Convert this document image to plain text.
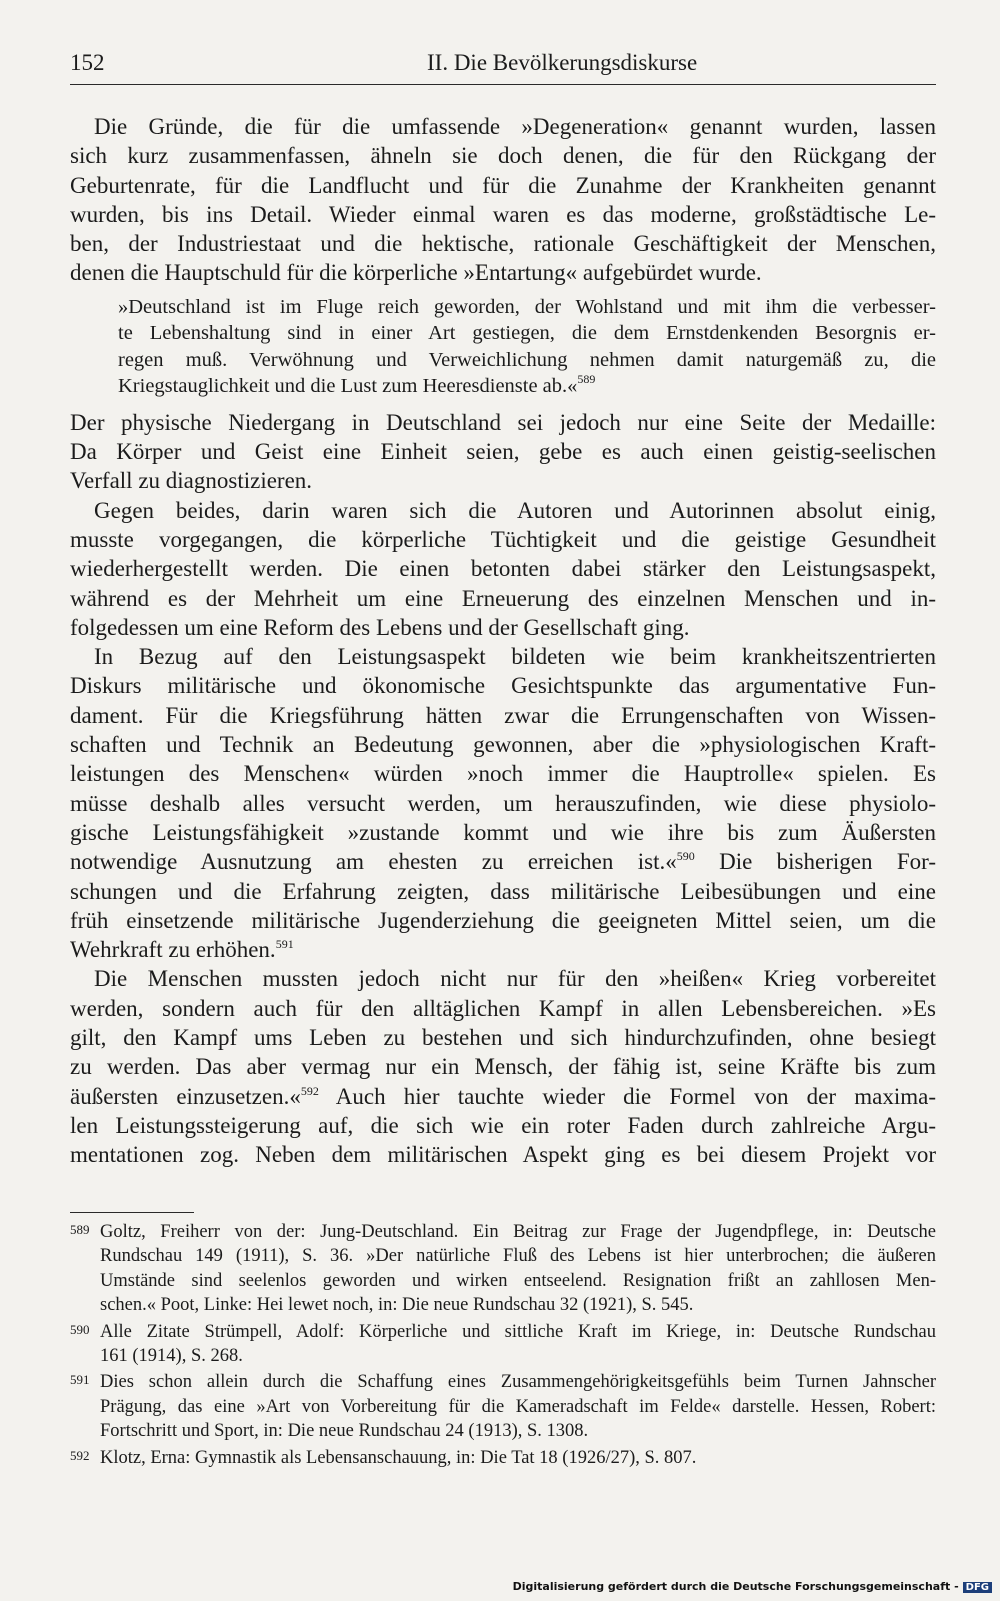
152	II. Die Bevölkerungsdiskurse
Die Gründe, die für die umfassende »Degeneration« genannt wurden, lassen
sich kurz zusammenfassen, ähneln sie doch denen, die für den Rückgang der
Geburtenrate, für die Landflucht und für die Zunahme der Krankheiten genannt
wurden, bis ins Detail. Wieder einmal waren es das moderne, großstädtische Le-
ben, der Industriestaat und die hektische, rationale Geschäftigkeit der Menschen,
denen die Hauptschuld für die körperliche »Entartung« aufgebürdet wurde.
»Deutschland ist im Fluge reich geworden, der Wohlstand und mit ihm die verbesser-
te Lebenshaltung sind in einer Art gestiegen, die dem Ernstdenkenden Besorgnis er-
regen muß. Verwöhnung und Verweichlichung nehmen damit naturgemäß zu, die
Kriegstauglichkeit und die Lust zum Heeresdienste ab.«$^{589}$
Der physische Niedergang in Deutschland sei jedoch nur eine Seite der Medaille:
Da Körper und Geist eine Einheit seien, gebe es auch einen geistig-seelischen
Verfall zu diagnostizieren.
Gegen beides, darin waren sich die Autoren und Autorinnen absolut einig,
musste vorgegangen, die körperliche Tüchtigkeit und die geistige Gesundheit
wiederhergestellt werden. Die einen betonten dabei stärker den Leistungsaspekt,
während es der Mehrheit um eine Erneuerung des einzelnen Menschen und in-
folgedessen um eine Reform des Lebens und der Gesellschaft ging.
In Bezug auf den Leistungsaspekt bildeten wie beim krankheitszentrierten
Diskurs militärische und ökonomische Gesichtspunkte das argumentative Fun-
dament. Für die Kriegsführung hätten zwar die Errungenschaften von Wissen-
schaften und Technik an Bedeutung gewonnen, aber die »physiologischen Kraft-
leistungen des Menschen« würden »noch immer die Hauptrolle« spielen. Es
müsse deshalb alles versucht werden, um herauszufinden, wie diese physiolo-
gische Leistungsfähigkeit »zustande kommt und wie ihre bis zum Äußersten
notwendige Ausnutzung am ehesten zu erreichen ist.«$^{590}$ Die bisherigen For-
schungen und die Erfahrung zeigten, dass militärische Leibesübungen und eine
früh einsetzende militärische Jugenderziehung die geeigneten Mittel seien, um die
Wehrkraft zu erhöhen.$^{591}$
Die Menschen mussten jedoch nicht nur für den »heißen« Krieg vorbereitet
werden, sondern auch für den alltäglichen Kampf in allen Lebensbereichen. »Es
gilt, den Kampf ums Leben zu bestehen und sich hindurchzufinden, ohne besiegt
zu werden. Das aber vermag nur ein Mensch, der fähig ist, seine Kräfte bis zum
äußersten einzusetzen.«$^{592}$ Auch hier tauchte wieder die Formel von der maxima-
len Leistungssteigerung auf, die sich wie ein roter Faden durch zahlreiche Argu-
mentationen zog. Neben dem militärischen Aspekt ging es bei diesem Projekt vor
589 Goltz, Freiherr von der: Jung-Deutschland. Ein Beitrag zur Frage der Jugendpflege, in: Deutsche
Rundschau 149 (1911), S. 36. »Der natürliche Fluß des Lebens ist hier unterbrochen; die äußeren
Umstände sind seelenlos geworden und wirken entseelend. Resignation frißt an zahllosen Men-
schen.« Poot, Linke: Hei lewet noch, in: Die neue Rundschau 32 (1921), S. 545.
590 Alle Zitate Strümpell, Adolf: Körperliche und sittliche Kraft im Kriege, in: Deutsche Rundschau
161 (1914), S. 268.
591 Dies schon allein durch die Schaffung eines Zusammengehörigkeitsgefühls beim Turnen Jahnscher
Prägung, das eine »Art von Vorbereitung für die Kameradschaft im Felde« darstelle. Hessen, Robert:
Fortschritt und Sport, in: Die neue Rundschau 24 (1913), S. 1308.
592 Klotz, Erna: Gymnastik als Lebensanschauung, in: Die Tat 18 (1926/27), S. 807.
Digitalisierung gefördert durch die Deutsche Forschungsgemeinschaft - DFG
